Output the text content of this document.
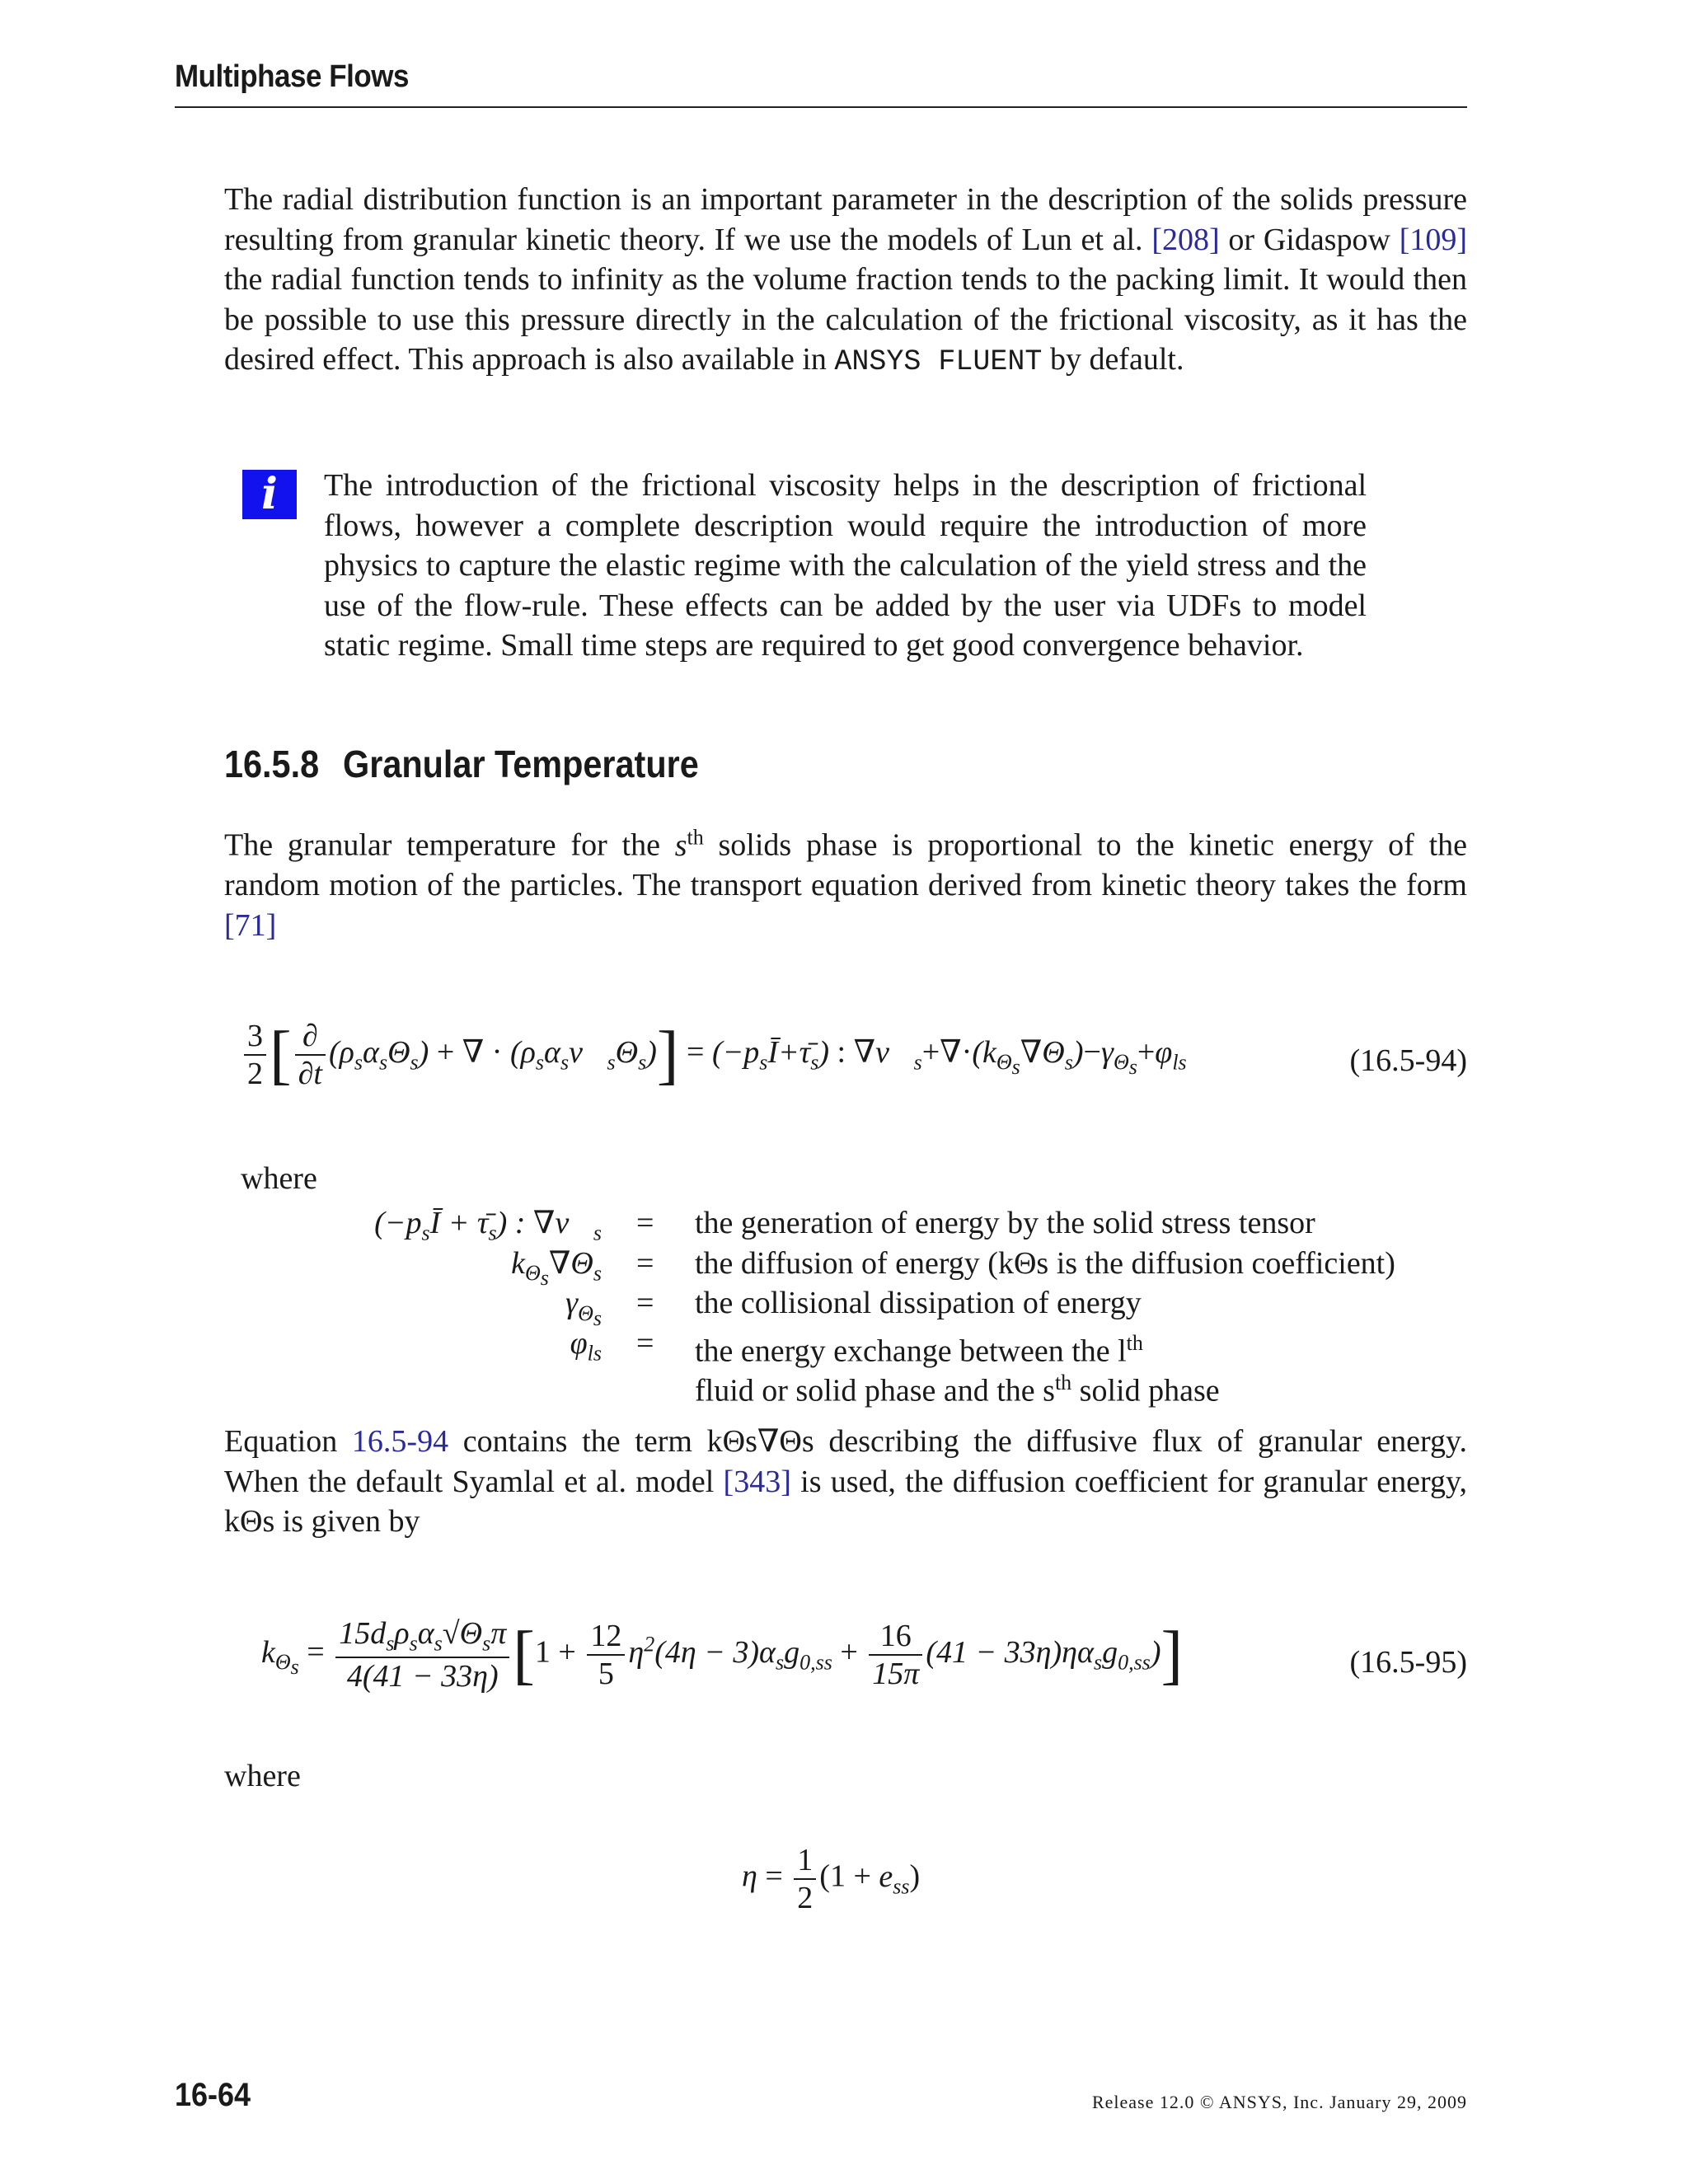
Multiphase Flows
The radial distribution function is an important parameter in the description of the solids pressure resulting from granular kinetic theory. If we use the models of Lun et al. [208] or Gidaspow [109] the radial function tends to infinity as the volume fraction tends to the packing limit. It would then be possible to use this pressure directly in the calculation of the frictional viscosity, as it has the desired effect. This approach is also available in ANSYS FLUENT by default.
i	The introduction of the frictional viscosity helps in the description of frictional flows, however a complete description would require the introduction of more physics to capture the elastic regime with the calculation of the yield stress and the use of the flow-rule. These effects can be added by the user via UDFs to model static regime. Small time steps are required to get good convergence behavior.
16.5.8 Granular Temperature
The granular temperature for the $s^{th}$ solids phase is proportional to the kinetic energy of the random motion of the particles. The transport equation derived from kinetic theory takes the form [71]
$\frac{3}{2}$ [ $\frac{\partial}{\partial t} (\rho_s\alpha_s\Theta_s)$ + ∇ · $(\rho_s\alpha_sv⃗_s\Theta_s)$] = $(-p_sĪ+\taū_s)$ : $\nabla v⃗_s+\nabla\cdot(k_{\Theta_s}\nabla\Theta_s)-\gamma_{\Theta_s}+\varphi_{ls}$	(16.5-94)
where
($-p_sĪ$ + $\taū_s$) : $\nabla v⃗_s$ = the generation of energy by the solid stress tensor
$k_{\Theta_s}\nabla\Theta_s$ = the diffusion of energy (kΘs is the diffusion coefficient)
$\gamma_{\Theta_s}$ = the collisional dissipation of energy
$\varphi_{ls}$ = the energy exchange between the $l^{th}$
fluid or solid phase and the $s^{th}$ solid phase
Equation 16.5-94 contains the term kΘs∇Θs describing the diffusive flux of granular energy. When the default Syamlal et al. model [343] is used, the diffusion coefficient for granular energy, kΘs is given by
$k_{\Theta_s} = \frac{15d_s\rho_s\alpha_s√\Theta_s\pi}{4(41 - 33\eta)} [1 + \frac{12}{5} \eta^2(4\eta - 3)\alpha_sg_{0,ss} + \frac{16}{15\pi} (41 - 33\eta)\eta\alpha_sg_{0,ss})$]	(16.5-95)
where
$\eta = \frac{1}{2} (1 + e_{ss})$
16-64	Release 12.0 © ANSYS, Inc. January 29, 2009
